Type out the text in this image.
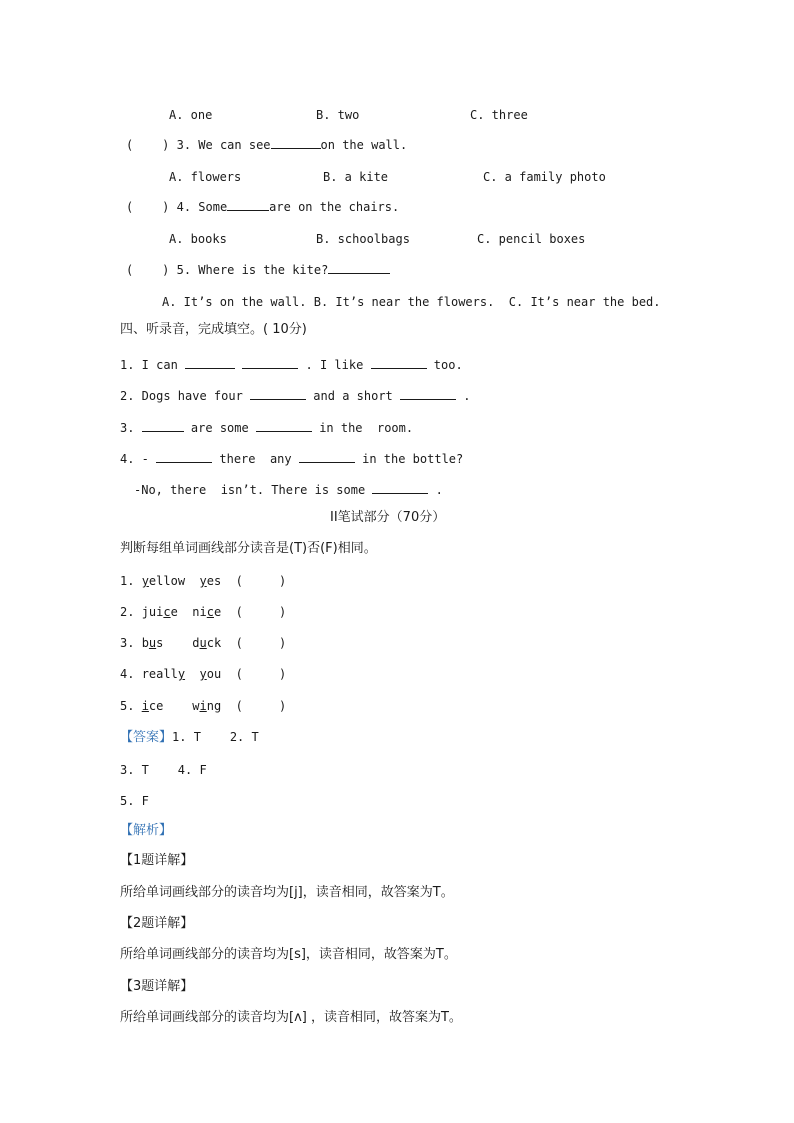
A. one	B. two	C. three
(    ) 3. We can see	on the wall.
A. flowers	B. a kite	C. a family photo
(    ) 4. Some	are on the chairs.
A. books	B. schoolbags	C. pencil boxes
(    ) 5. Where is the kite?
A. It’s on the wall. B. It’s near the flowers.  C. It’s near the bed.
四、听录音，完成填空。( 10分)
1. I can	. I like	too.
2. Dogs have four	and a short	.
3.	are some	in the  room.
4. -	there  any	in the bottle?
-No, there  isn’t. There is some	.
II笔试部分（70分）
判断每组单词画线部分读音是(T)否(F)相同。
1. yellow yes (     )
2. juice nice (     )
3. bus duck (     )
4. really you (     )
5. ice wing (     )
【答案】1. T    2. T
3. T    4. F
5. F
【解析】
【1题详解】
所给单词画线部分的读音均为[j]，读音相同，故答案为T。
【2题详解】
所给单词画线部分的读音均为[s]，读音相同，故答案为T。
【3题详解】
所给单词画线部分的读音均为[ʌ] ，读音相同，故答案为T。
